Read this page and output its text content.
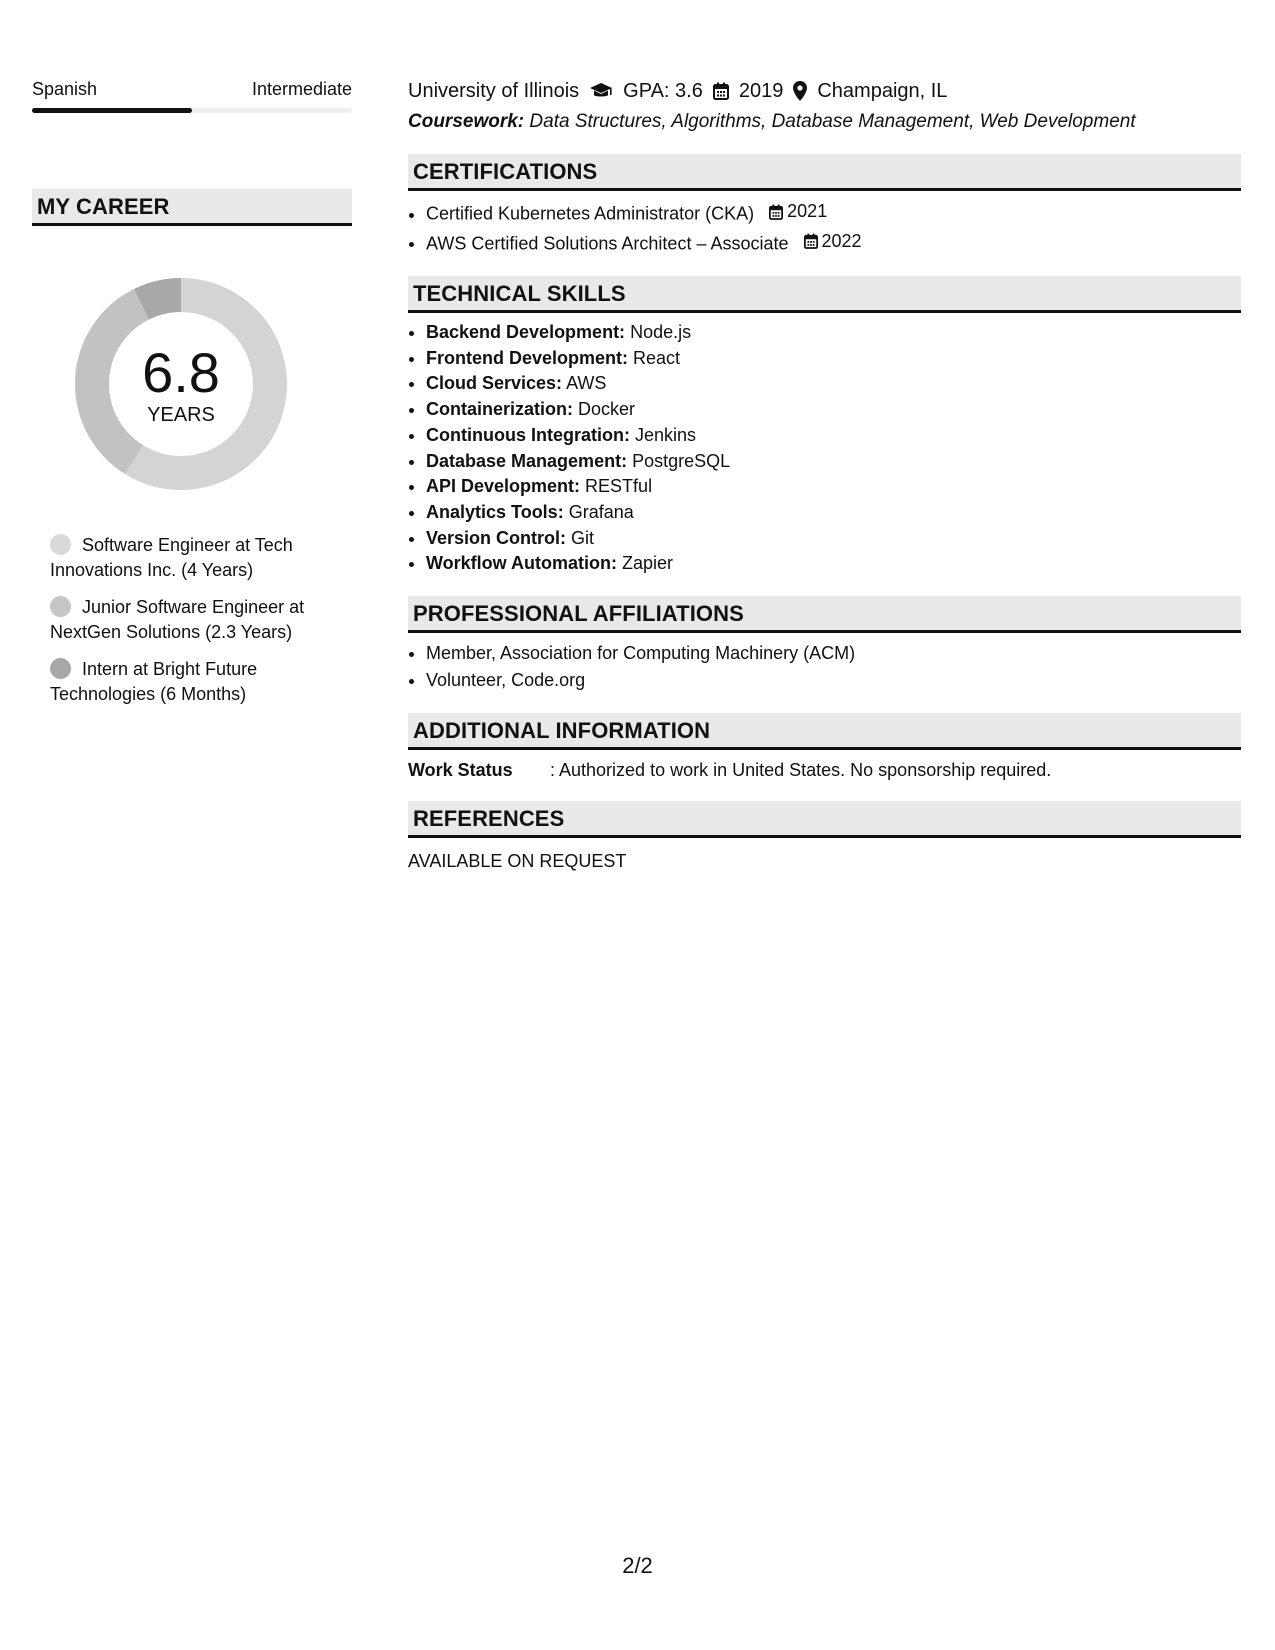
Spanish	Intermediate
MY CAREER
6.8
YEARS
Software Engineer at Tech Innovations Inc. (4 Years)
Junior Software Engineer at NextGen Solutions (2.3 Years)
Intern at Bright Future Technologies (6 Months)
University of Illinois GPA: 3.6 2019 Champaign, IL
Coursework: Data Structures, Algorithms, Database Management, Web Development
CERTIFICATIONS
• Certified Kubernetes Administrator (CKA) 2021
• AWS Certified Solutions Architect – Associate 2022
TECHNICAL SKILLS
• Backend Development: Node.js
• Frontend Development: React
• Cloud Services: AWS
• Containerization: Docker
• Continuous Integration: Jenkins
• Database Management: PostgreSQL
• API Development: RESTful
• Analytics Tools: Grafana
• Version Control: Git
• Workflow Automation: Zapier
PROFESSIONAL AFFILIATIONS
• Member, Association for Computing Machinery (ACM)
• Volunteer, Code.org
ADDITIONAL INFORMATION
Work Status	: Authorized to work in United States. No sponsorship required.
REFERENCES
AVAILABLE ON REQUEST
2/2
